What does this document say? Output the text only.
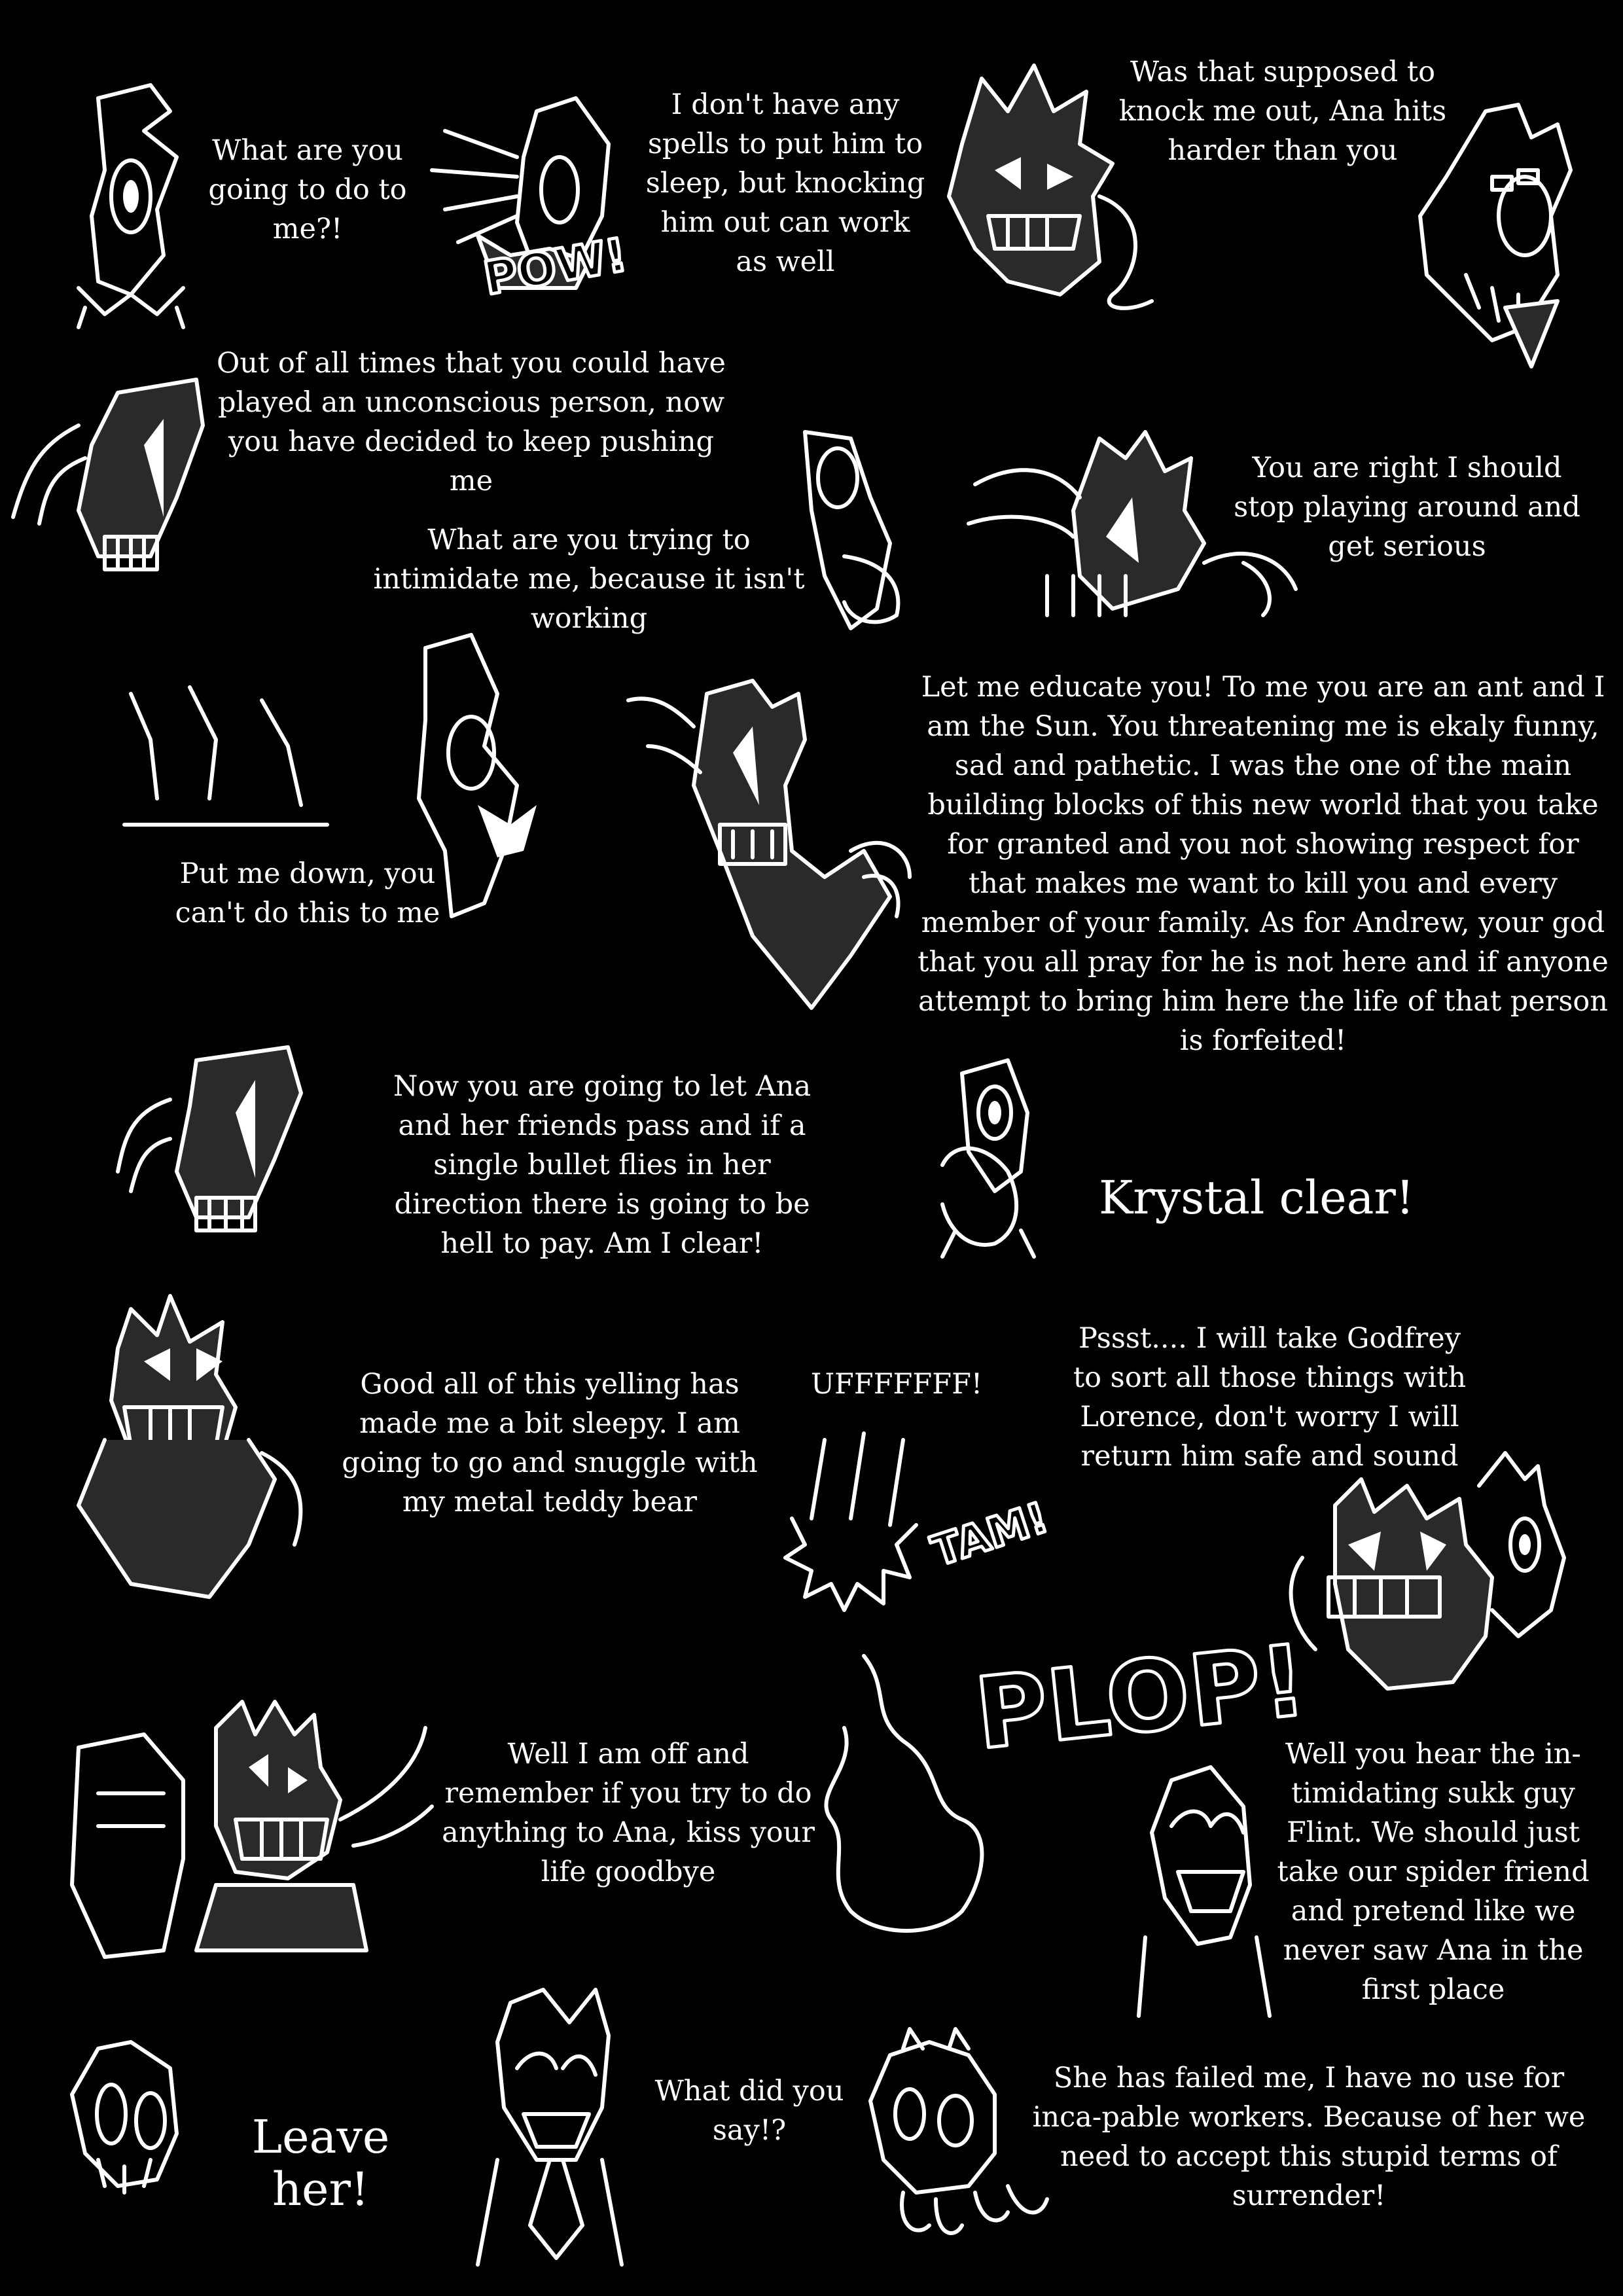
POW!
TAM!
PLOP!
What are you going to do to me?!
I don't have any spells to put him to sleep, but knocking him out can work as well
Was that supposed to knock me out, Ana hits harder than you
Out of all times that you could have played an unconscious person, now you have decided to keep pushing me
What are you trying to intimidate me, because it isn't working
You are right I should stop playing around and get serious
Put me down, you can't do this to me
Let me educate you! To me you are an ant and I am the Sun. You threatening me is ekaly funny, sad and pathetic. I was the one of the main building blocks of this new world that you take for granted and you not showing respect for that makes me want to kill you and every member of your family. As for Andrew, your god that you all pray for he is not here and if anyone attempt to bring him here the life of that person is forfeited!
Now you are going to let Ana and her friends pass and if a single bullet flies in her direction there is going to be hell to pay. Am I clear!
Krystal clear!
Good all of this yelling has made me a bit sleepy. I am going to go and snuggle with my metal teddy bear
UFFFFFFF!
Pssst.... I will take Godfrey to sort all those things with Lorence, don't worry I will return him safe and sound
Well I am off and remember if you try to do anything to Ana, kiss your life goodbye
Well you hear the in-timidating sukk guy Flint. We should just take our spider friend and pretend like we never saw Ana in the first place
Leave her!
What did you say!?
She has failed me, I have no use for inca-pable workers. Because of her we need to accept this stupid terms of surrender!
